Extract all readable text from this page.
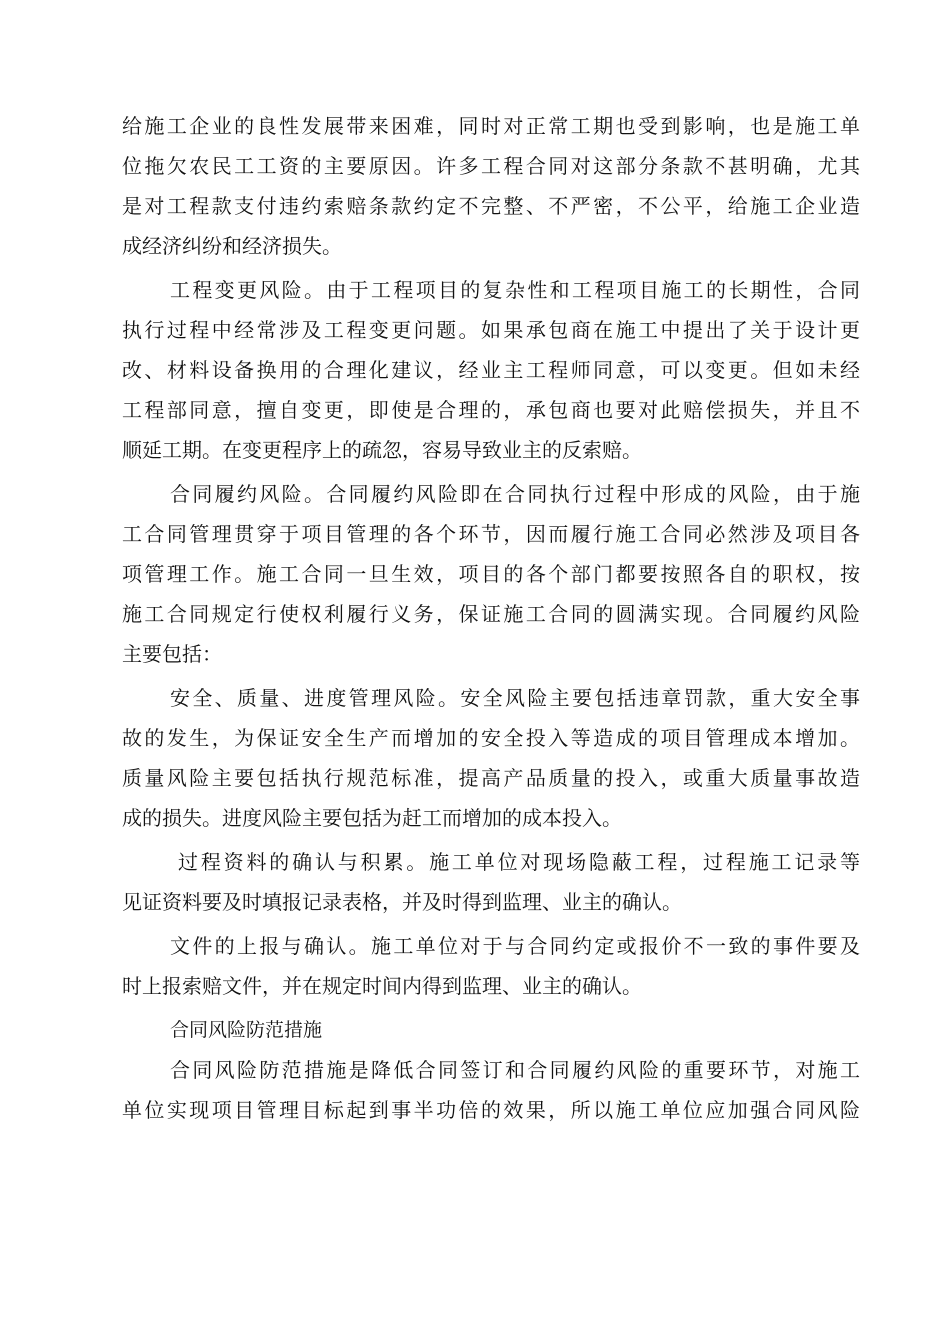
给施工企业的良性发展带来困难，同时对正常工期也受到影响，也是施工单
位拖欠农民工工资的主要原因。许多工程合同对这部分条款不甚明确，尤其
是对工程款支付违约索赔条款约定不完整、不严密，不公平，给施工企业造
成经济纠纷和经济损失。
工程变更风险。由于工程项目的复杂性和工程项目施工的长期性，合同
执行过程中经常涉及工程变更问题。如果承包商在施工中提出了关于设计更
改、材料设备换用的合理化建议，经业主工程师同意，可以变更。但如未经
工程部同意，擅自变更，即使是合理的，承包商也要对此赔偿损失，并且不
顺延工期。在变更程序上的疏忽，容易导致业主的反索赔。
合同履约风险。合同履约风险即在合同执行过程中形成的风险，由于施
工合同管理贯穿于项目管理的各个环节，因而履行施工合同必然涉及项目各
项管理工作。施工合同一旦生效，项目的各个部门都要按照各自的职权，按
施工合同规定行使权利履行义务，保证施工合同的圆满实现。合同履约风险
主要包括：
安全、质量、进度管理风险。安全风险主要包括违章罚款，重大安全事
故的发生，为保证安全生产而增加的安全投入等造成的项目管理成本增加。
质量风险主要包括执行规范标准，提高产品质量的投入，或重大质量事故造
成的损失。进度风险主要包括为赶工而增加的成本投入。
过程资料的确认与积累。施工单位对现场隐蔽工程，过程施工记录等
见证资料要及时填报记录表格，并及时得到监理、业主的确认。
文件的上报与确认。施工单位对于与合同约定或报价不一致的事件要及
时上报索赔文件，并在规定时间内得到监理、业主的确认。
合同风险防范措施
合同风险防范措施是降低合同签订和合同履约风险的重要环节，对施工
单位实现项目管理目标起到事半功倍的效果，所以施工单位应加强合同风险
